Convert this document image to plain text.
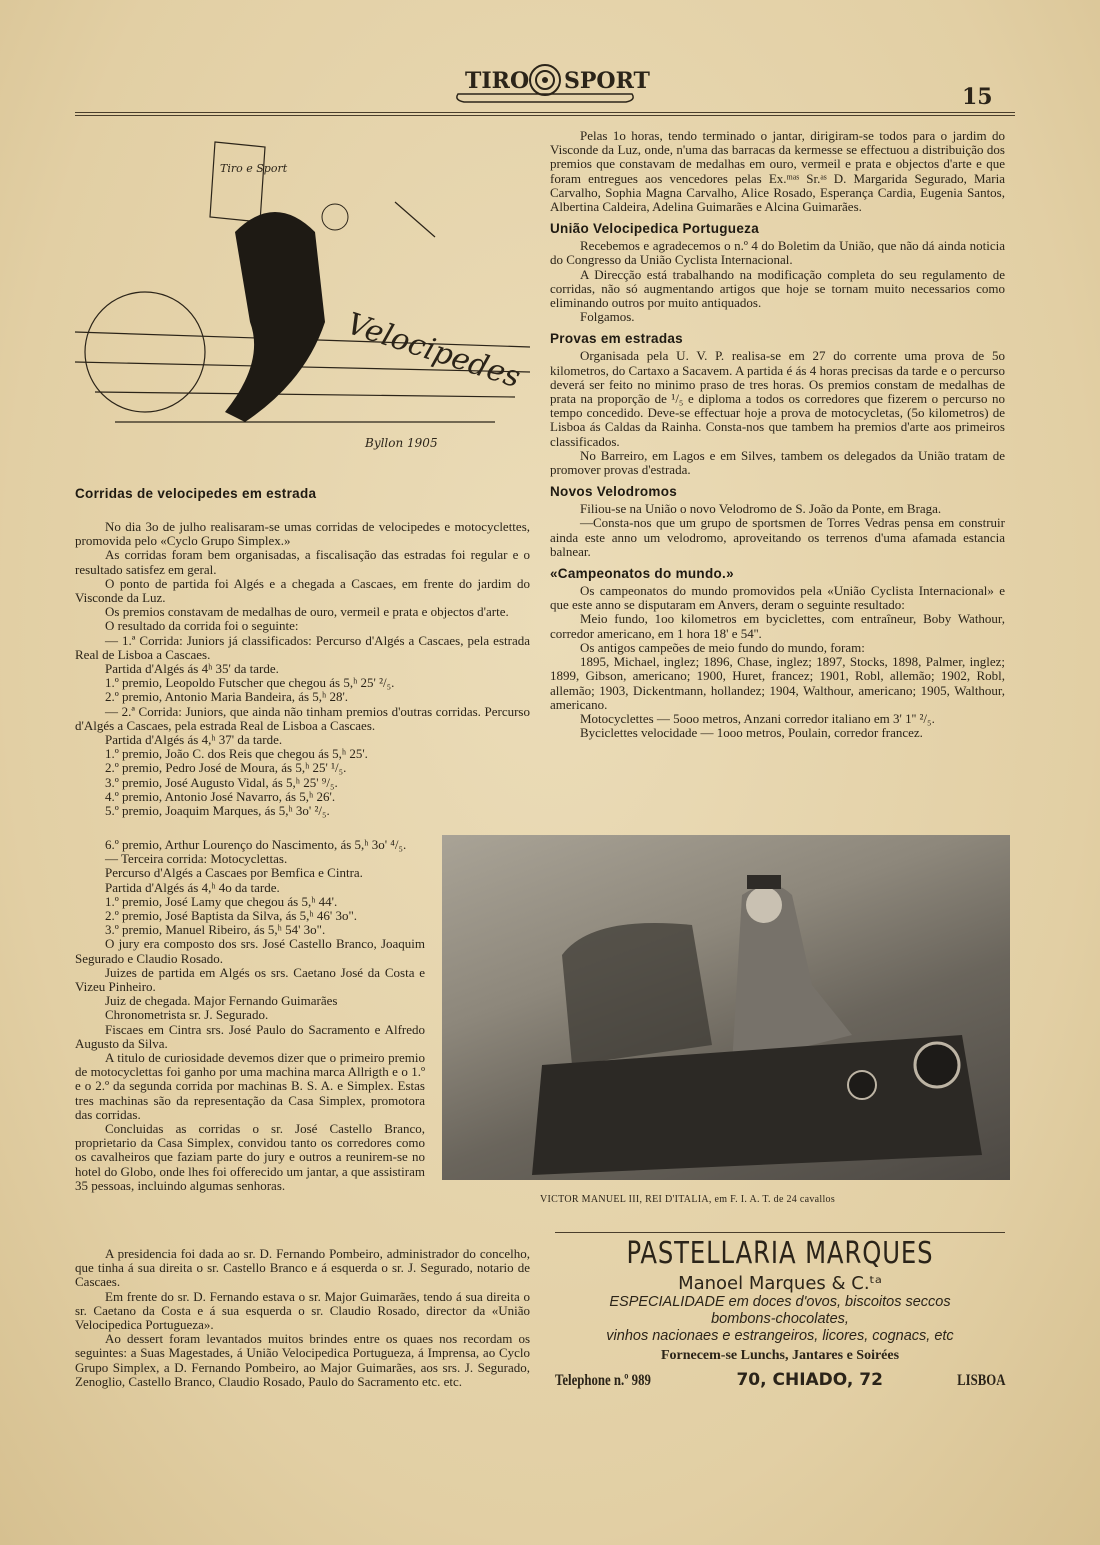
TIRO SPORT
15
Tiro e Sport
Velocipedes
Byllon 1905
Corridas de velocipedes em estrada

No dia 3o de julho realisaram-se umas corridas de velocipedes e motocyclettes, promovida pelo «Cyclo Grupo Simplex.»

As corridas foram bem organisadas, a fiscalisação das estradas foi regular e o resultado satisfez em geral.

O ponto de partida foi Algés e a chegada a Cascaes, em frente do jardim do Visconde da Luz.

Os premios constavam de medalhas de ouro, vermeil e prata e objectos d'arte.

O resultado da corrida foi o seguinte:

— 1.ª Corrida: Juniors já classificados: Percurso d'Algés a Cascaes, pela estrada Real de Lisboa a Cascaes.

Partida d'Algés ás 4ʰ 35' da tarde.

1.º premio, Leopoldo Futscher que chegou ás 5,ʰ 25' ²/₅.

2.º premio, Antonio Maria Bandeira, ás 5,ʰ 28'.

— 2.ª Corrida: Juniors, que ainda não tinham premios d'outras corridas. Percurso d'Algés a Cascaes, pela estrada Real de Lisboa a Cascaes.

Partida d'Algés ás 4,ʰ 37' da tarde.

1.º premio, João C. dos Reis que chegou ás 5,ʰ 25'.

2.º premio, Pedro José de Moura, ás 5,ʰ 25' ¹/₅.

3.º premio, José Augusto Vidal, ás 5,ʰ 25' ⁹/₅.

4.º premio, Antonio José Navarro, ás 5,ʰ 26'.

5.º premio, Joaquim Marques, ás 5,ʰ 3o' ²/₅.

6.º premio, Arthur Lourenço do Nascimento, ás 5,ʰ 3o' ⁴/₅.

— Terceira corrida: Motocyclettas.

Percurso d'Algés a Cascaes por Bemfica e Cintra.

Partida d'Algés ás 4,ʰ 4o da tarde.

1.º premio, José Lamy que chegou ás 5,ʰ 44'.

2.º premio, José Baptista da Silva, ás 5,ʰ 46' 3o".

3.º premio, Manuel Ribeiro, ás 5,ʰ 54' 3o".

O jury era composto dos srs. José Castello Branco, Joaquim Segurado e Claudio Rosado.

Juizes de partida em Algés os srs. Caetano José da Costa e Vizeu Pinheiro.

Juiz de chegada. Major Fernando Guimarães

Chronometrista sr. J. Segurado.

Fiscaes em Cintra srs. José Paulo do Sacramento e Alfredo Augusto da Silva.

A titulo de curiosidade devemos dizer que o primeiro premio de motocyclettas foi ganho por uma machina marca Allrigth e o 1.º e o 2.º da segunda corrida por machinas B. S. A. e Simplex. Estas tres machinas são da representação da Casa Simplex, promotora das corridas.

Concluidas as corridas o sr. José Castello Branco, proprietario da Casa Simplex, convidou tanto os corredores como os cavalheiros que faziam parte do jury e outros a reunirem-se no hotel do Globo, onde lhes foi offerecido um jantar, a que assistiram 35 pessoas, incluindo algumas senhoras.

A presidencia foi dada ao sr. D. Fernando Pombeiro, administrador do concelho, que tinha á sua direita o sr. Castello Branco e á esquerda o sr. J. Segurado, notario de Cascaes.

Em frente do sr. D. Fernando estava o sr. Major Guimarães, tendo á sua direita o sr. Caetano da Costa e á sua esquerda o sr. Claudio Rosado, director da «União Velocipedica Portugueza».

Ao dessert foram levantados muitos brindes entre os quaes nos recordam os seguintes: a Suas Magestades, á União Velocipedica Portugueza, á Imprensa, ao Cyclo Grupo Simplex, a D. Fernando Pombeiro, ao Major Guimarães, aos srs. J. Segurado, Zenoglio, Castello Branco, Claudio Rosado, Paulo do Sacramento etc. etc.

Pelas 1o horas, tendo terminado o jantar, dirigiram-se todos para o jardim do Visconde da Luz, onde, n'uma das barracas da kermesse se effectuou a distribuição dos premios que constavam de medalhas em ouro, vermeil e prata e objectos d'arte e que foram entregues aos vencedores pelas Ex.ᵐᵃˢ Sr.ᵃˢ D. Margarida Segurado, Maria Carvalho, Sophia Magna Carvalho, Alice Rosado, Esperança Cardia, Eugenia Santos, Albertina Caldeira, Adelina Guimarães e Alcina Guimarães.

União Velocipedica Portugueza

Recebemos e agradecemos o n.º 4 do Boletim da União, que não dá ainda noticia do Congresso da União Cyclista Internacional.

A Direcção está trabalhando na modificação completa do seu regulamento de corridas, não só augmentando artigos que hoje se tornam muito necessarios como eliminando outros por muito antiquados.

Folgamos.

Provas em estradas

Organisada pela U. V. P. realisa-se em 27 do corrente uma prova de 5o kilometros, do Cartaxo a Sacavem. A partida é ás 4 horas precisas da tarde e o percurso deverá ser feito no minimo praso de tres horas. Os premios constam de medalhas de prata na proporção de ¹/₅ e diploma a todos os corredores que fizerem o percurso no tempo concedido. Deve-se effectuar hoje a prova de motocycletas, (5o kilometros) de Lisboa ás Caldas da Rainha. Consta-nos que tambem ha premios d'arte aos primeiros classificados.

No Barreiro, em Lagos e em Silves, tambem os delegados da União tratam de promover provas d'estrada.

Novos Velodromos

Filiou-se na União o novo Velodromo de S. João da Ponte, em Braga.

—Consta-nos que um grupo de sportsmen de Torres Vedras pensa em construir ainda este anno um velodromo, aproveitando os terrenos d'uma afamada estancia balnear.

«Campeonatos do mundo.»

Os campeonatos do mundo promovidos pela «União Cyclista Internacional» e que este anno se disputaram em Anvers, deram o seguinte resultado:

Meio fundo, 1oo kilometros em byciclettes, com entraîneur, Boby Wathour, corredor americano, em 1 hora 18' e 54''.

Os antigos campeões de meio fundo do mundo, foram:

1895, Michael, inglez; 1896, Chase, inglez; 1897, Stocks, 1898, Palmer, inglez; 1899, Gibson, americano; 1900, Huret, francez; 1901, Robl, allemão; 1902, Robl, allemão; 1903, Dickentmann, hollandez; 1904, Walthour, americano; 1905, Walthour, americano.

Motocyclettes — 5ooo metros, Anzani corredor italiano em 3' 1'' ²/₅.

Byciclettes velocidade — 1ooo metros, Poulain, corredor francez.

VICTOR MANUEL III, REI D'ITALIA, em F. I. A. T. de 24 cavallos
PASTELLARIA MARQUES
Manoel Marques & C.ᵗᵃ
ESPECIALIDADE em doces d'ovos, biscoitos seccos
bombons-chocolates,
vinhos nacionaes e estrangeiros, licores, cognacs, etc
Fornecem-se Lunchs, Jantares e Soirées
Telephone n.º 989	70, CHIADO, 72	LISBOA
